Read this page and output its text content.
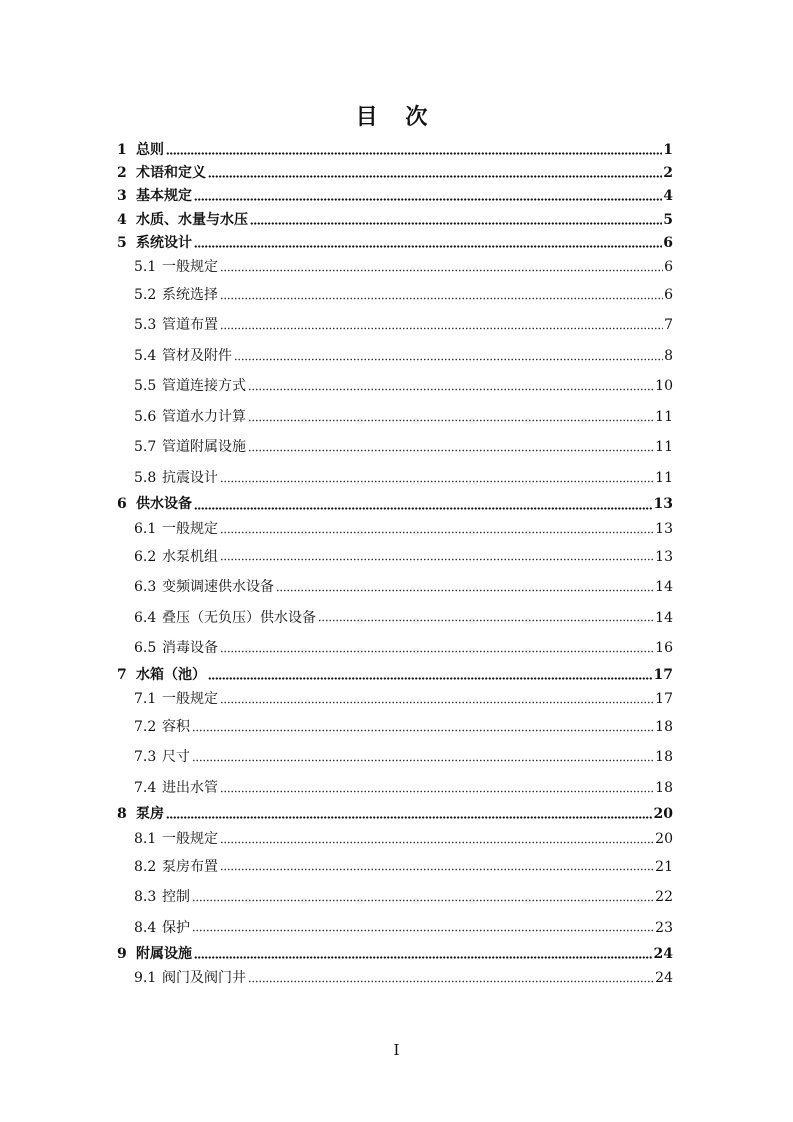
目 次
1 总则	1
2 术语和定义	2
3 基本规定	4
4 水质、水量与水压	5
5 系统设计	6
5.1 一般规定	6
5.2 系统选择	6
5.3 管道布置	7
5.4 管材及附件	8
5.5 管道连接方式	10
5.6 管道水力计算	11
5.7 管道附属设施	11
5.8 抗震设计	11
6 供水设备	13
6.1 一般规定	13
6.2 水泵机组	13
6.3 变频调速供水设备	14
6.4 叠压（无负压）供水设备	14
6.5 消毒设备	16
7 水箱（池）	17
7.1 一般规定	17
7.2 容积	18
7.3 尺寸	18
7.4 进出水管	18
8 泵房	20
8.1 一般规定	20
8.2 泵房布置	21
8.3 控制	22
8.4 保护	23
9 附属设施	24
9.1 阀门及阀门井	24
I
